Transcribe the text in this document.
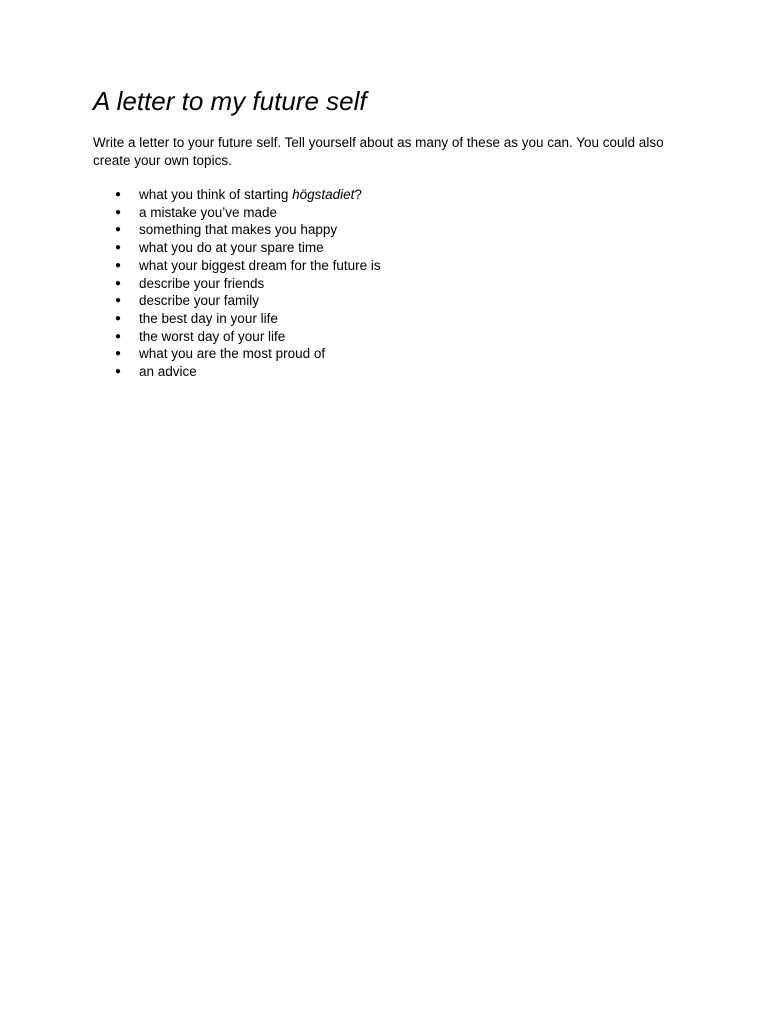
A letter to my future self

Write a letter to your future self. Tell yourself about as many of these as you can. You could also create your own topics.

● what you think of starting högstadiet?
● a mistake you’ve made
● something that makes you happy
● what you do at your spare time
● what your biggest dream for the future is
● describe your friends
● describe your family
● the best day in your life
● the worst day of your life
● what you are the most proud of
● an advice
